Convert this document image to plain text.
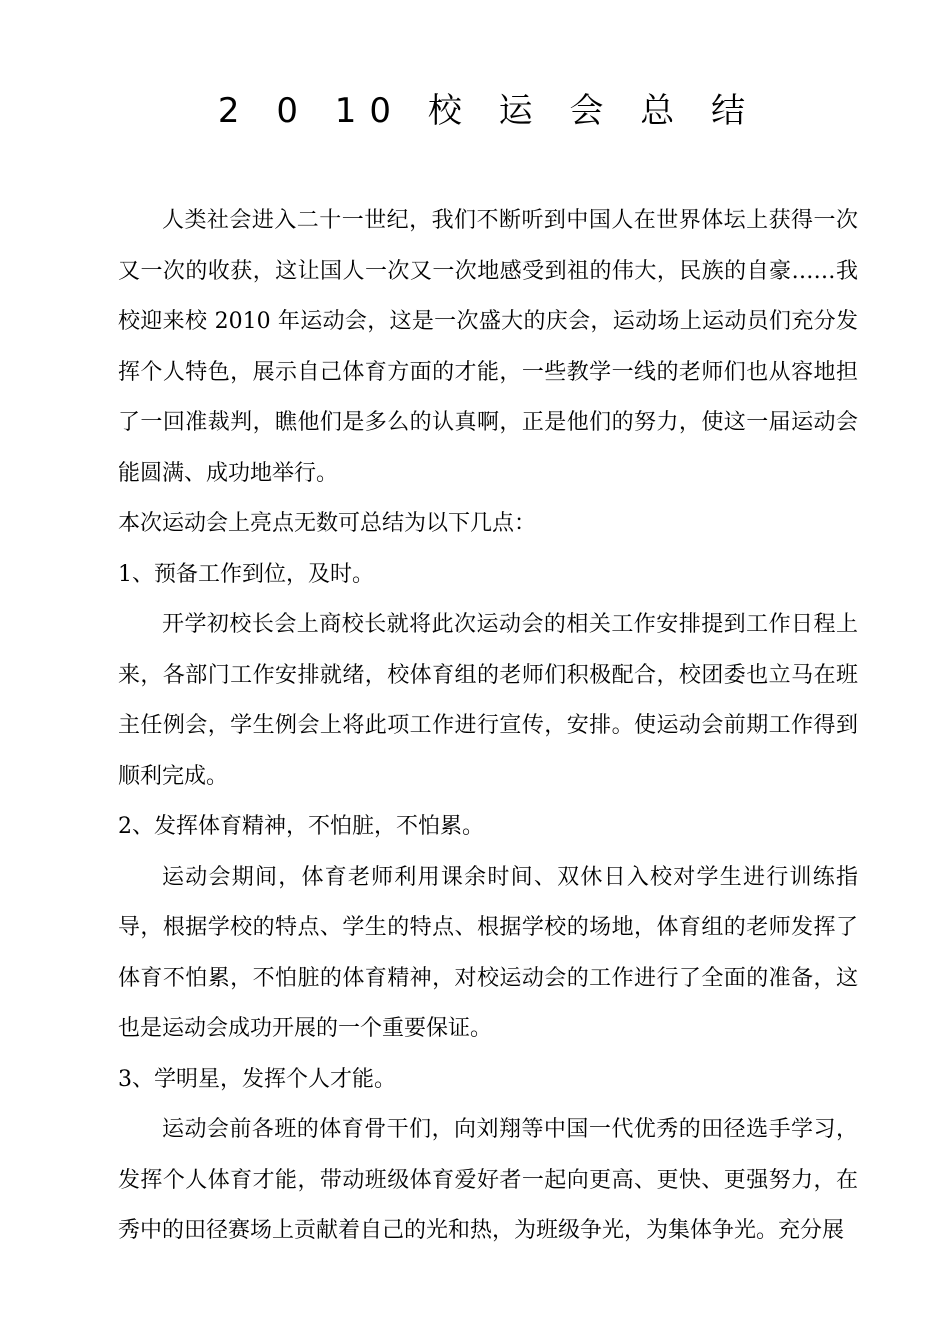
2 0 10 校 运 会 总 结

人类社会进入二十一世纪，我们不断听到中国人在世界体坛上获得一次又一次的收获，这让国人一次又一次地感受到祖的伟大，民族的自豪……我校迎来校 2010 年运动会，这是一次盛大的庆会，运动场上运动员们充分发挥个人特色，展示自己体育方面的才能，一些教学一线的老师们也从容地担了一回准裁判，瞧他们是多么的认真啊，正是他们的努力，使这一届运动会能圆满、成功地举行。

本次运动会上亮点无数可总结为以下几点：

1、预备工作到位，及时。

开学初校长会上商校长就将此次运动会的相关工作安排提到工作日程上来，各部门工作安排就绪，校体育组的老师们积极配合，校团委也立马在班主任例会，学生例会上将此项工作进行宣传，安排。使运动会前期工作得到顺利完成。

2、发挥体育精神，不怕脏，不怕累。

运动会期间，体育老师利用课余时间、双休日入校对学生进行训练指导，根据学校的特点、学生的特点、根据学校的场地，体育组的老师发挥了体育不怕累，不怕脏的体育精神，对校运动会的工作进行了全面的准备，这也是运动会成功开展的一个重要保证。

3、学明星，发挥个人才能。

运动会前各班的体育骨干们，向刘翔等中国一代优秀的田径选手学习，发挥个人体育才能，带动班级体育爱好者一起向更高、更快、更强努力，在秀中的田径赛场上贡献着自己的光和热，为班级争光，为集体争光。充分展
